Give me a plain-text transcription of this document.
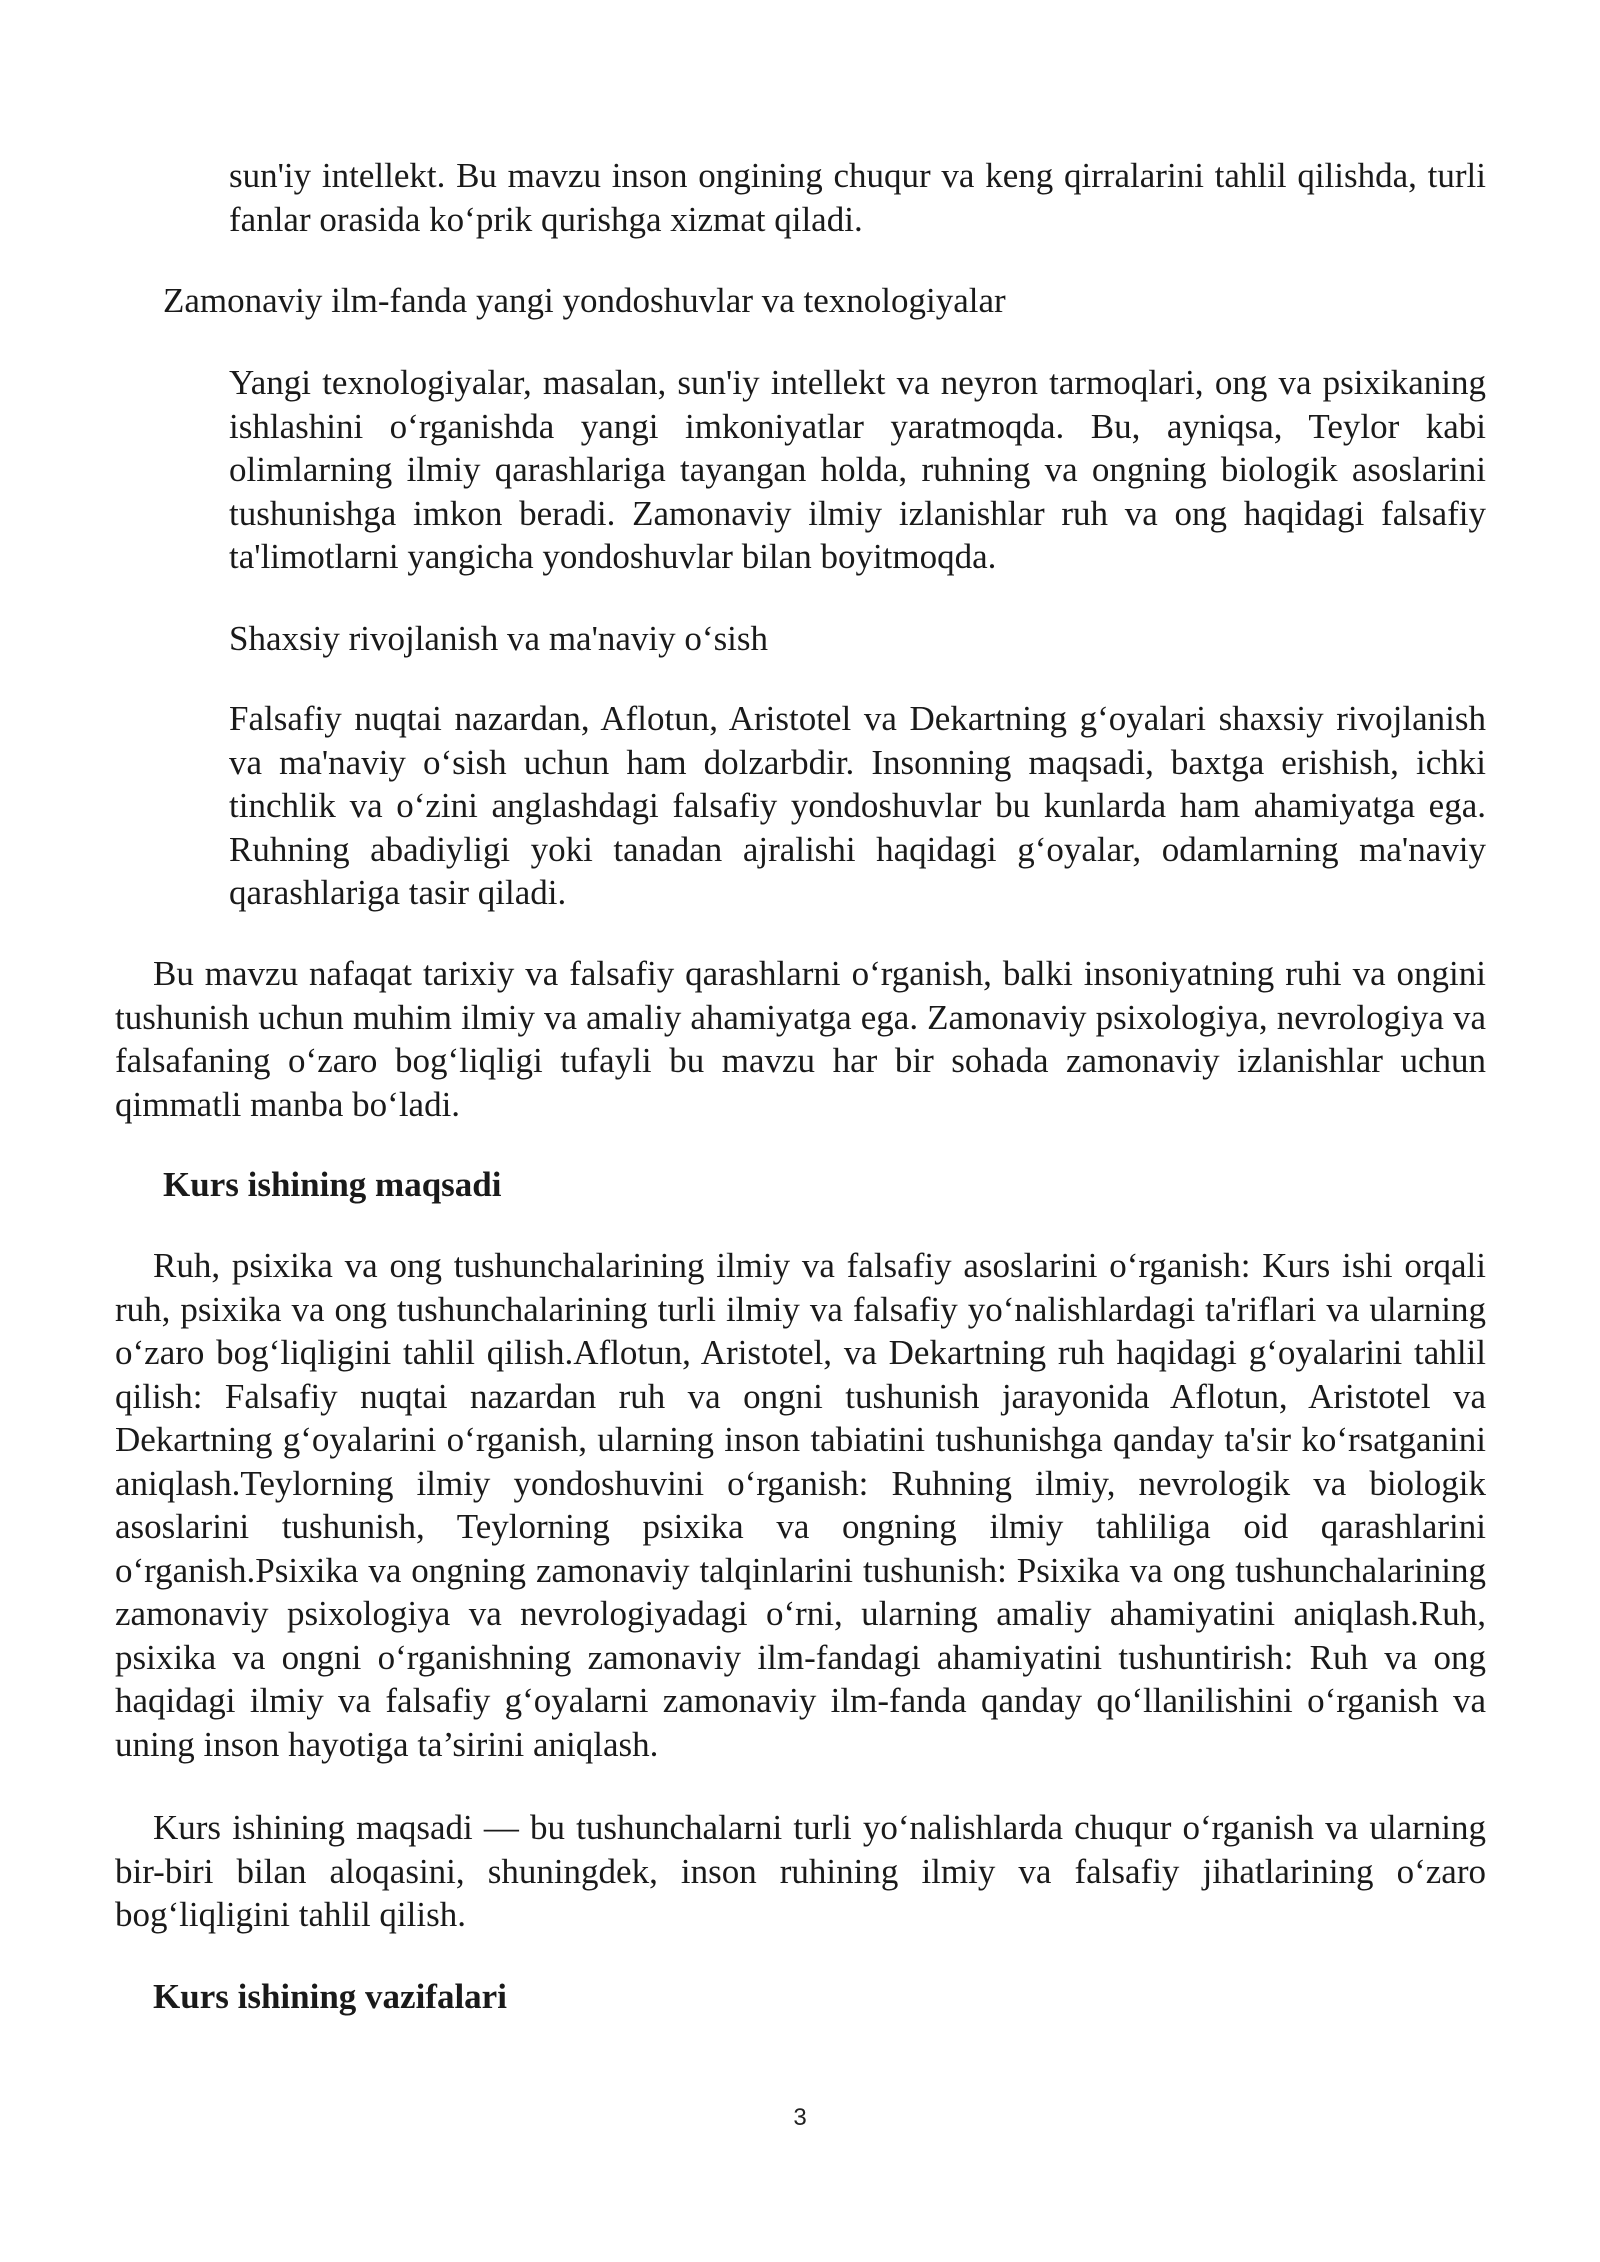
sun'iy intellekt. Bu mavzu inson ongining chuqur va keng qirralarini tahlil qilishda, turli fanlar orasida ko‘prik qurishga xizmat qiladi.

Zamonaviy ilm-fanda yangi yondoshuvlar va texnologiyalar

Yangi texnologiyalar, masalan, sun'iy intellekt va neyron tarmoqlari, ong va psixikaning ishlashini o‘rganishda yangi imkoniyatlar yaratmoqda. Bu, ayniqsa, Teylor kabi olimlarning ilmiy qarashlariga tayangan holda, ruhning va ongning biologik asoslarini tushunishga imkon beradi. Zamonaviy ilmiy izlanishlar ruh va ong haqidagi falsafiy ta'limotlarni yangicha yondoshuvlar bilan boyitmoqda.

Shaxsiy rivojlanish va ma'naviy o‘sish

Falsafiy nuqtai nazardan, Aflotun, Aristotel va Dekartning g‘oyalari shaxsiy rivojlanish va ma'naviy o‘sish uchun ham dolzarbdir. Insonning maqsadi, baxtga erishish, ichki tinchlik va o‘zini anglashdagi falsafiy yondoshuvlar bu kunlarda ham ahamiyatga ega. Ruhning abadiyligi yoki tanadan ajralishi haqidagi g‘oyalar, odamlarning ma'naviy qarashlariga tasir qiladi.

Bu mavzu nafaqat tarixiy va falsafiy qarashlarni o‘rganish, balki insoniyatning ruhi va ongini tushunish uchun muhim ilmiy va amaliy ahamiyatga ega. Zamonaviy psixologiya, nevrologiya va falsafaning o‘zaro bog‘liqligi tufayli bu mavzu har bir sohada zamonaviy izlanishlar uchun qimmatli manba bo‘ladi.

Kurs ishining maqsadi

Ruh, psixika va ong tushunchalarining ilmiy va falsafiy asoslarini o‘rganish: Kurs ishi orqali ruh, psixika va ong tushunchalarining turli ilmiy va falsafiy yo‘nalishlardagi ta'riflari va ularning o‘zaro bog‘liqligini tahlil qilish.Aflotun, Aristotel, va Dekartning ruh haqidagi g‘oyalarini tahlil qilish: Falsafiy nuqtai nazardan ruh va ongni tushunish jarayonida Aflotun, Aristotel va Dekartning g‘oyalarini o‘rganish, ularning inson tabiatini tushunishga qanday ta'sir ko‘rsatganini aniqlash.Teylorning ilmiy yondoshuvini o‘rganish: Ruhning ilmiy, nevrologik va biologik asoslarini tushunish, Teylorning psixika va ongning ilmiy tahliliga oid qarashlarini o‘rganish.Psixika va ongning zamonaviy talqinlarini tushunish: Psixika va ong tushunchalarining zamonaviy psixologiya va nevrologiyadagi o‘rni, ularning amaliy ahamiyatini aniqlash.Ruh, psixika va ongni o‘rganishning zamonaviy ilm-fandagi ahamiyatini tushuntirish: Ruh va ong haqidagi ilmiy va falsafiy g‘oyalarni zamonaviy ilm-fanda qanday qo‘llanilishini o‘rganish va uning inson hayotiga ta’sirini aniqlash.

Kurs ishining maqsadi — bu tushunchalarni turli yo‘nalishlarda chuqur o‘rganish va ularning bir-biri bilan aloqasini, shuningdek, inson ruhining ilmiy va falsafiy jihatlarining o‘zaro bog‘liqligini tahlil qilish.

Kurs ishining vazifalari

3
